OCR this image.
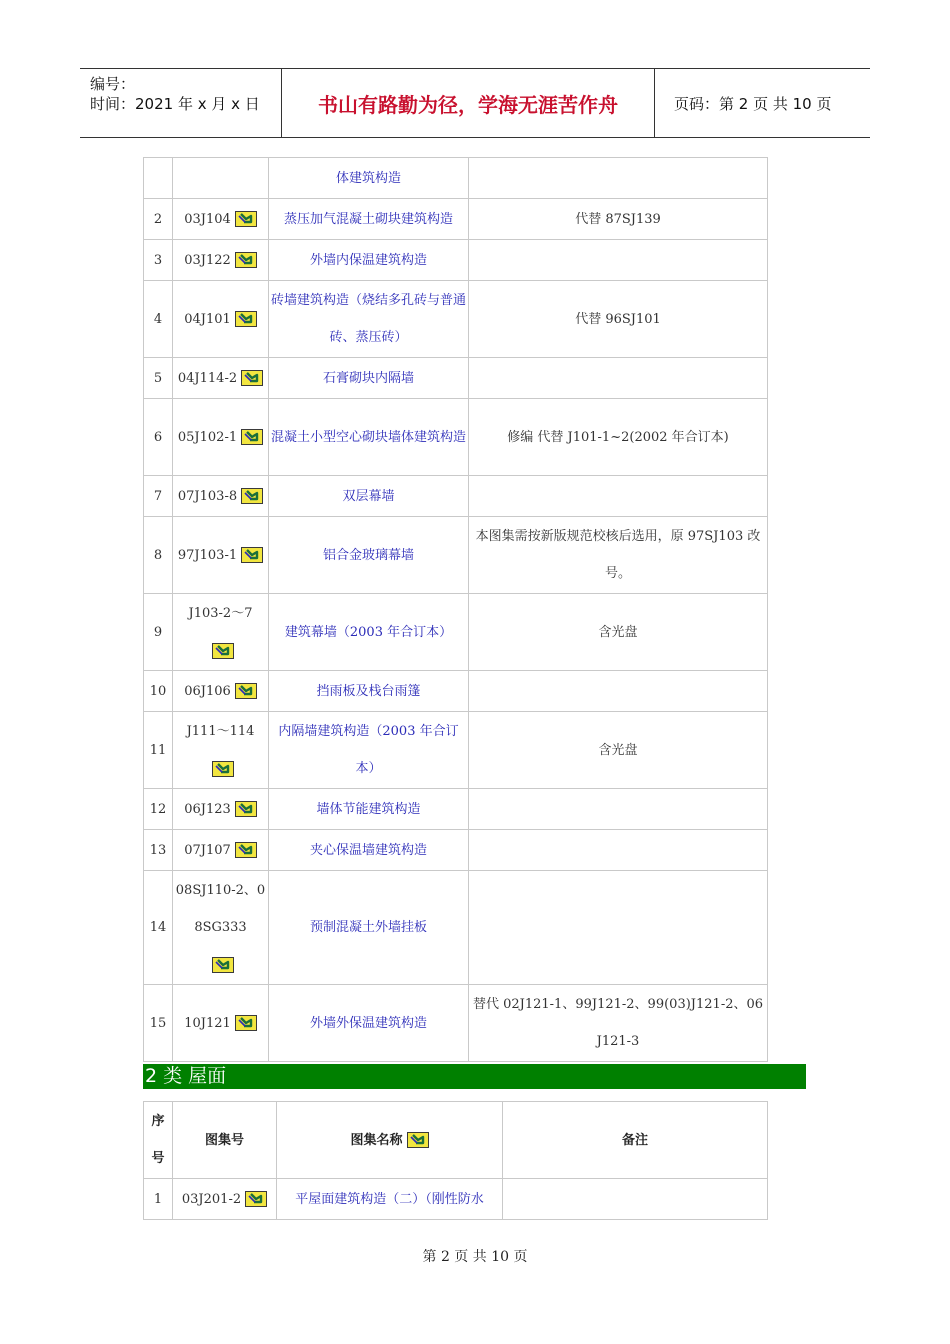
编号：
时间：2021 年 x 月 x 日	书山有路勤为径，学海无涯苦作舟	页码：第 2 页 共 10 页
		体建筑构造	
2	03J104	蒸压加气混凝土砌块建筑构造	代替 87SJ139
3	03J122	外墙内保温建筑构造	
4	04J101	砖墙建筑构造（烧结多孔砖与普通砖、蒸压砖）	代替 96SJ101
5	04J114-2	石膏砌块内隔墙	
6	05J102-1	混凝土小型空心砌块墙体建筑构造	修编 代替 J101-1~2(2002 年合订本)
7	07J103-8	双层幕墙	
8	97J103-1	铝合金玻璃幕墙	本图集需按新版规范校核后选用，原 97SJ103 改号。
9	J103-2～7	建筑幕墙（2003 年合订本）	含光盘
10	06J106	挡雨板及栈台雨篷	
11	J111～114	内隔墙建筑构造（2003 年合订本）	含光盘
12	06J123	墙体节能建筑构造	
13	07J107	夹心保温墙建筑构造	
14	08SJ110-2、08SG333	预制混凝土外墙挂板	
15	10J121	外墙外保温建筑构造	替代 02J121-1、99J121-2、99(03)J121-2、06J121-3
2 类 屋面
序号	图集号	图集名称	备注
1	03J201-2	平屋面建筑构造（二）（刚性防水	
第 2 页 共 10 页
